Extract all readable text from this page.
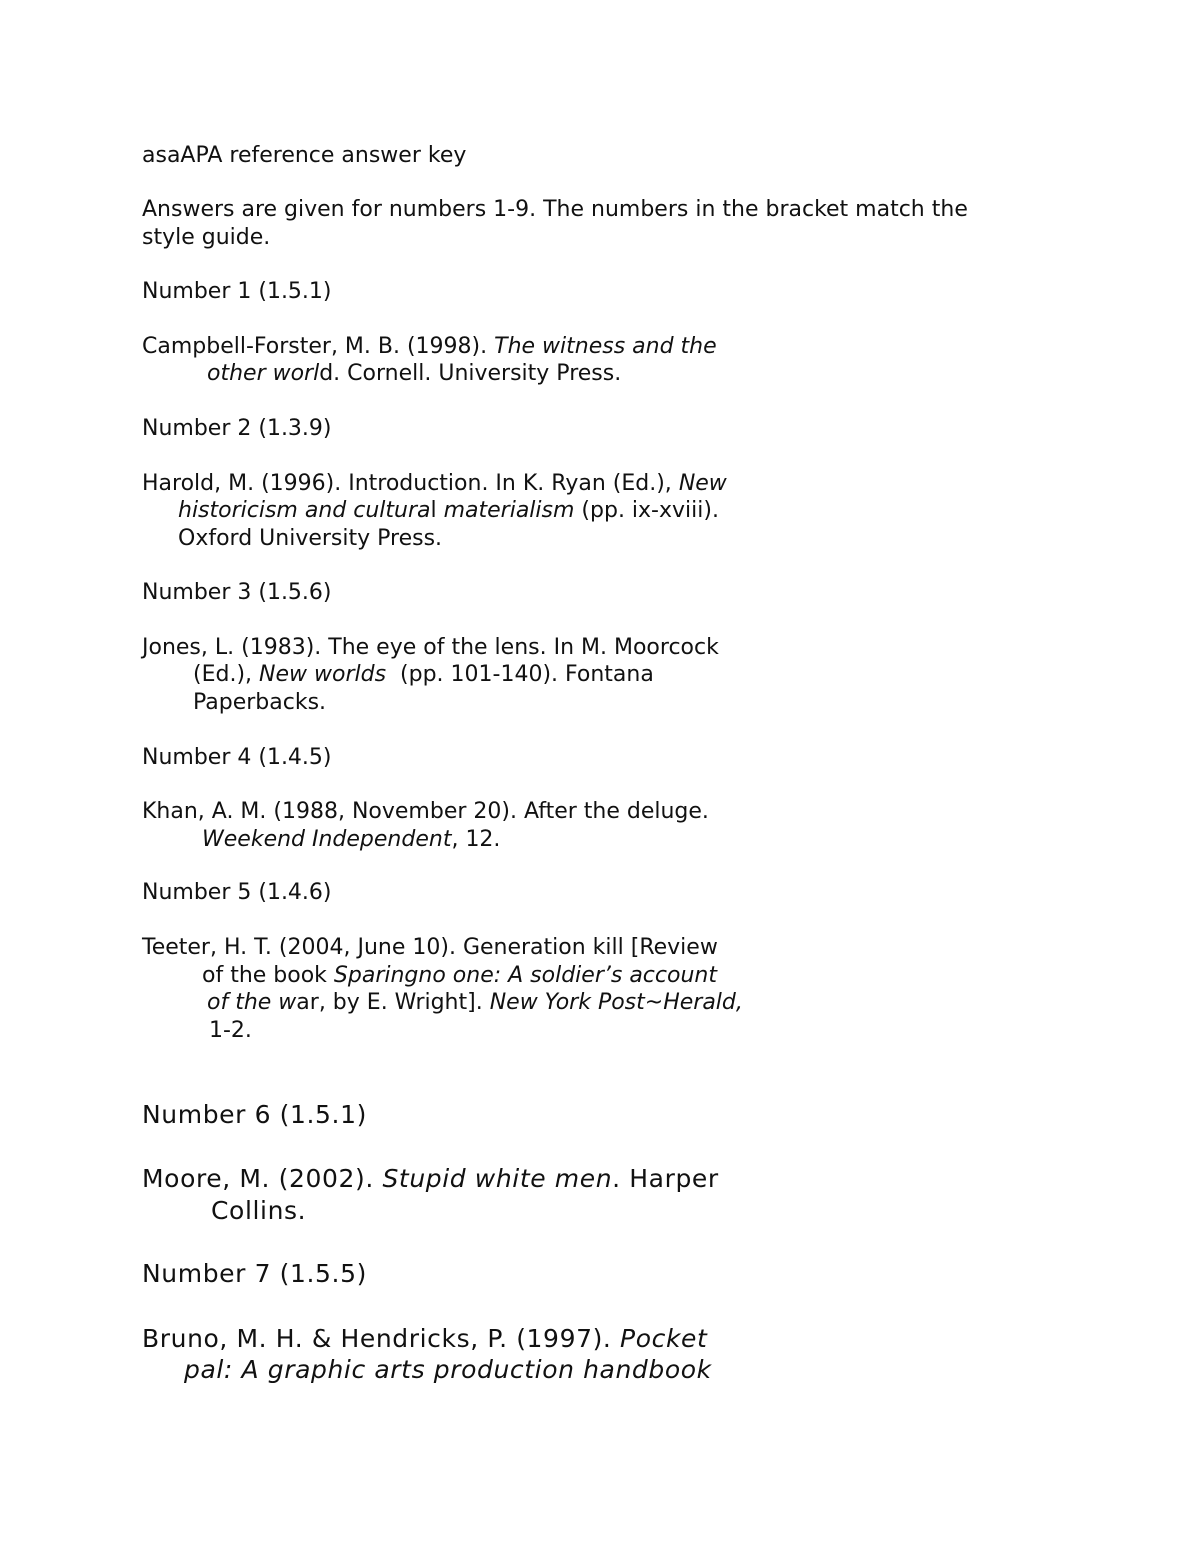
asaAPA reference answer key
Answers are given for numbers 1-9. The numbers in the bracket match the
style guide.
Number 1 (1.5.1)
Campbell-Forster, M. B. (1998). The witness and the
other world. Cornell. University Press.
Number 2 (1.3.9)
Harold, M. (1996). Introduction. In K. Ryan (Ed.), New
historicism and cultural materialism (pp. ix-xviii).
Oxford University Press.
Number 3 (1.5.6)
Jones, L. (1983). The eye of the lens. In M. Moorcock
(Ed.), New worlds  (pp. 101-140). Fontana
Paperbacks.
Number 4 (1.4.5)
Khan, A. M. (1988, November 20). After the deluge.
Weekend Independent, 12.
Number 5 (1.4.6)
Teeter, H. T. (2004, June 10). Generation kill [Review
of the book Sparingno one: A soldier’s account
of the war, by E. Wright]. New York Post~Herald,
1-2.
Number 6 (1.5.1)
Moore, M. (2002). Stupid white men. Harper
Collins.
Number 7 (1.5.5)
Bruno, M. H. & Hendricks, P. (1997). Pocket
pal: A graphic arts production handbook
